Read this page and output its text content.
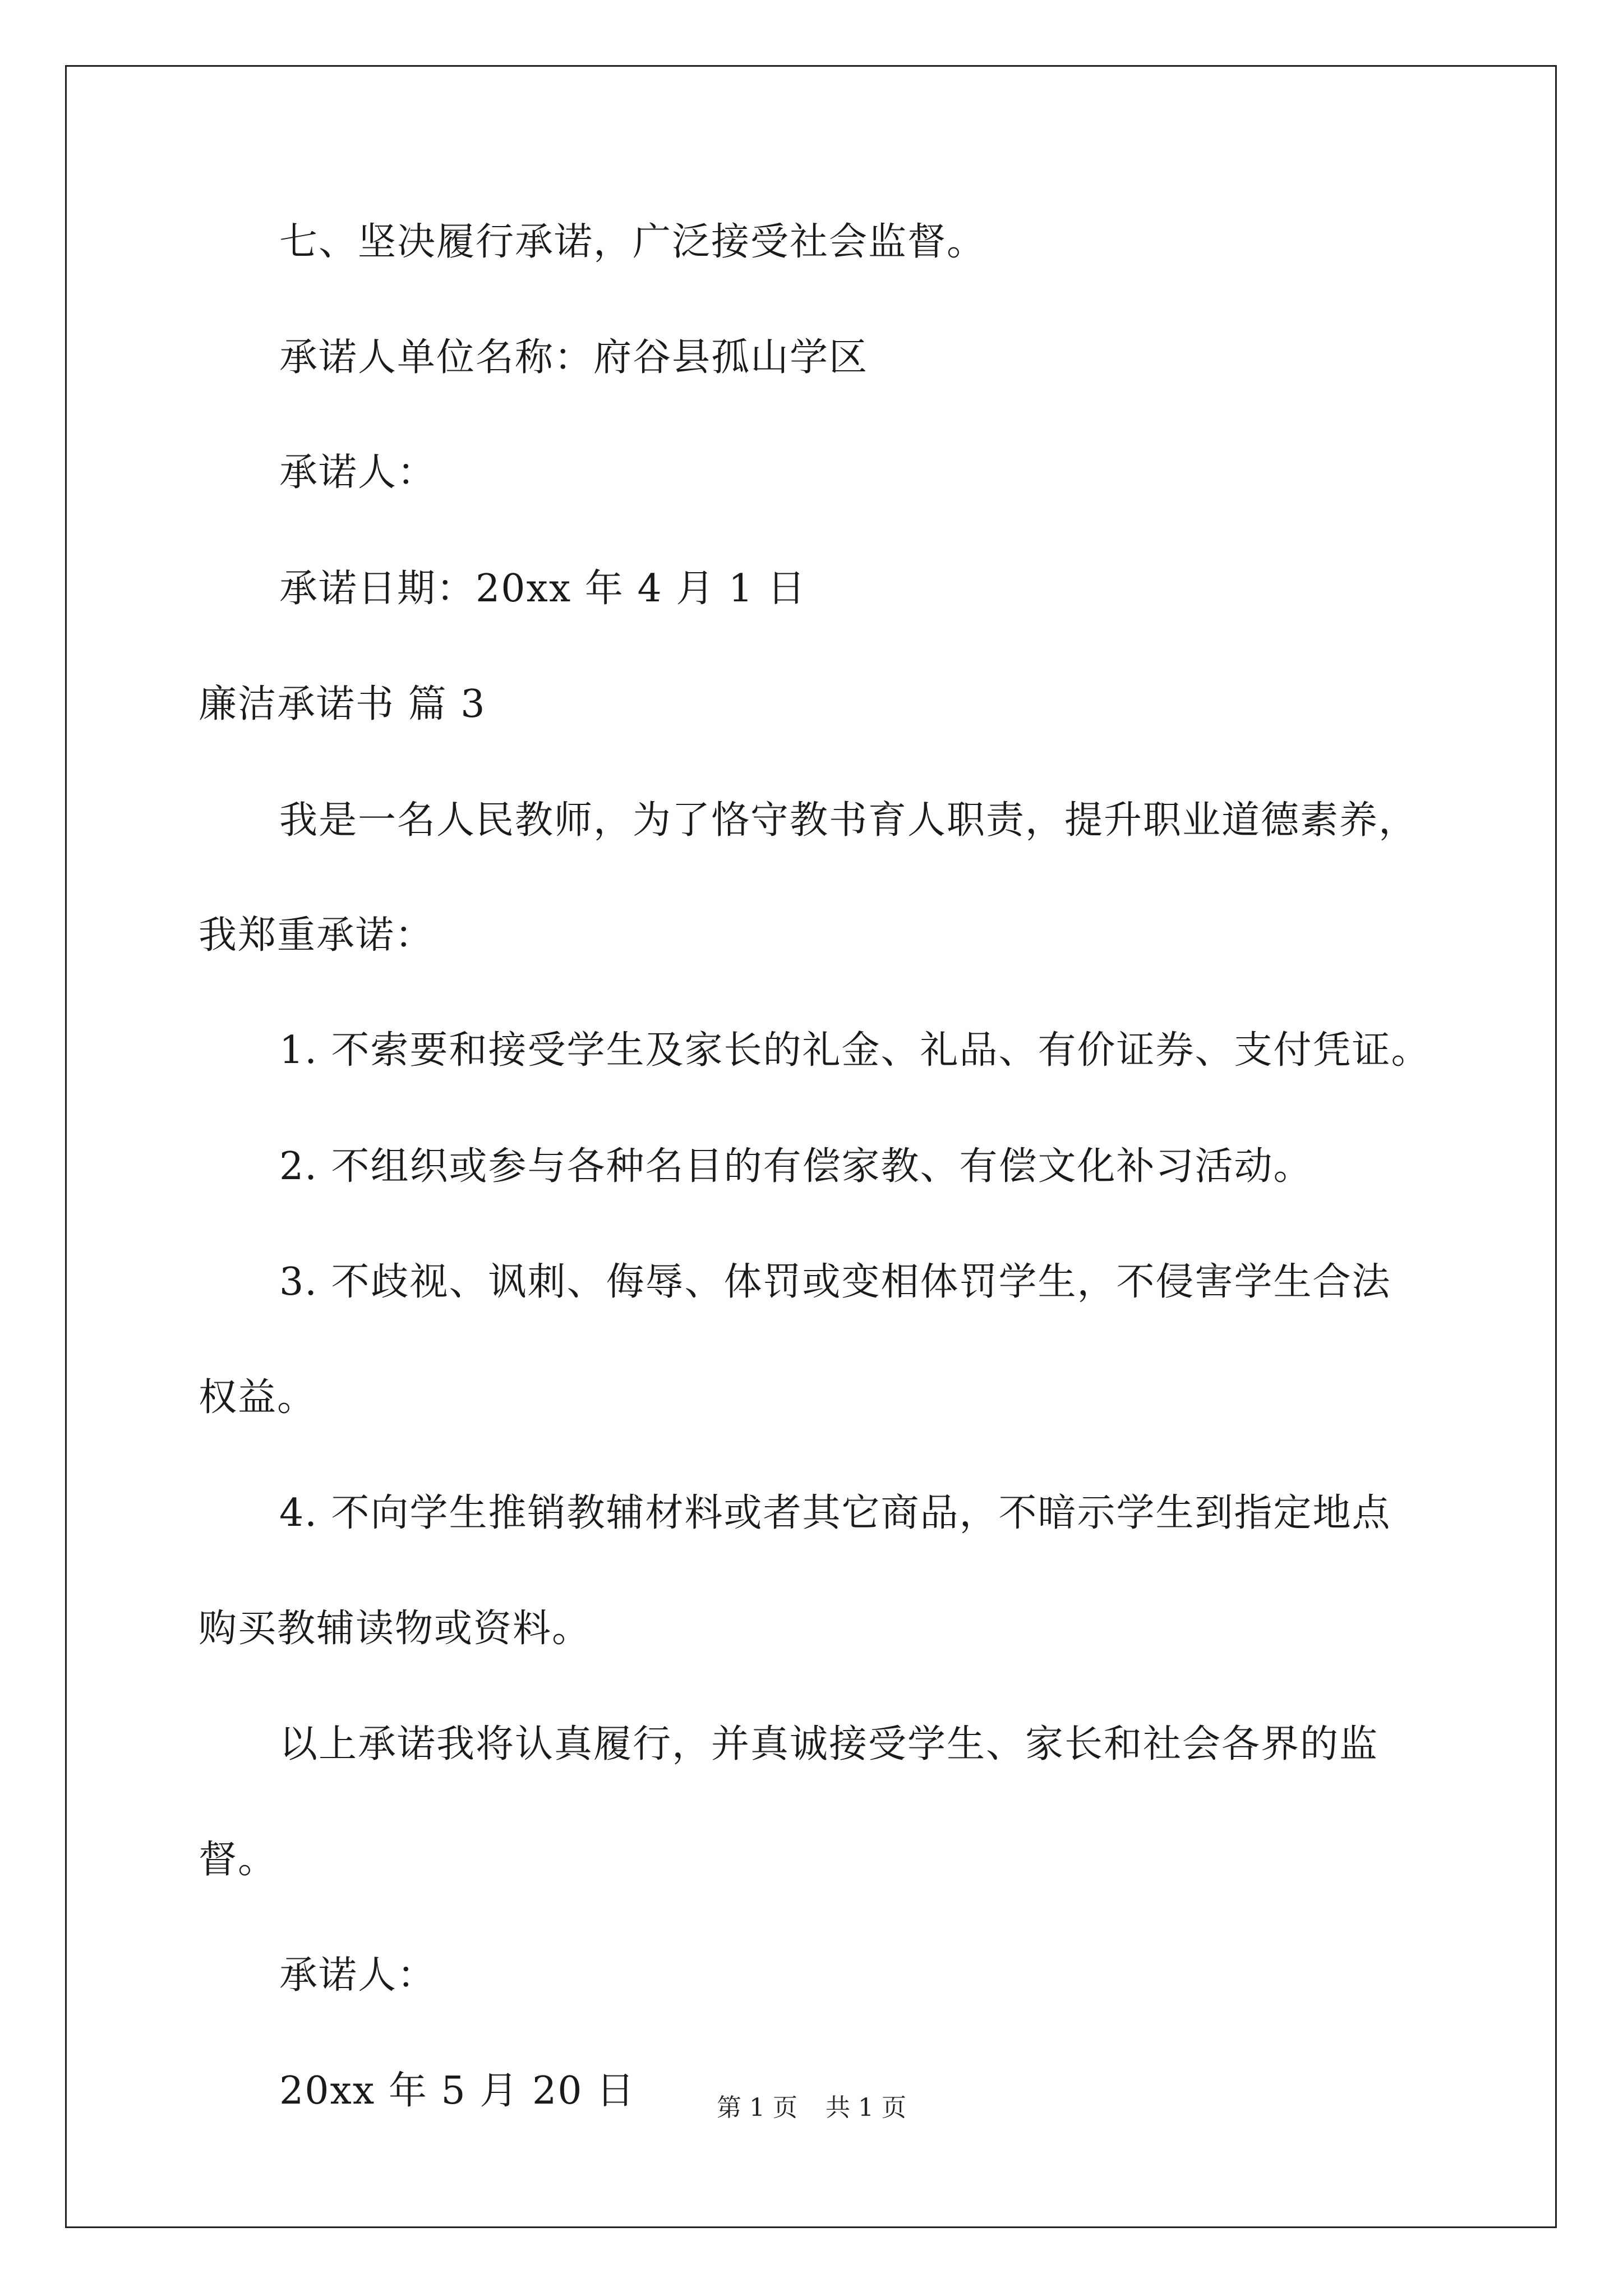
七、坚决履行承诺，广泛接受社会监督。
承诺人单位名称：府谷县孤山学区
承诺人：
承诺日期：20xx 年 4 月 1 日
廉洁承诺书 篇 3
我是一名人民教师，为了恪守教书育人职责，提升职业道德素养，
我郑重承诺：
1. 不索要和接受学生及家长的礼金、礼品、有价证券、支付凭证。
2. 不组织或参与各种名目的有偿家教、有偿文化补习活动。
3. 不歧视、讽刺、侮辱、体罚或变相体罚学生，不侵害学生合法
权益。
4. 不向学生推销教辅材料或者其它商品，不暗示学生到指定地点
购买教辅读物或资料。
以上承诺我将认真履行，并真诚接受学生、家长和社会各界的监
督。
承诺人：
20xx 年 5 月 20 日	第 1 页 共 1 页
